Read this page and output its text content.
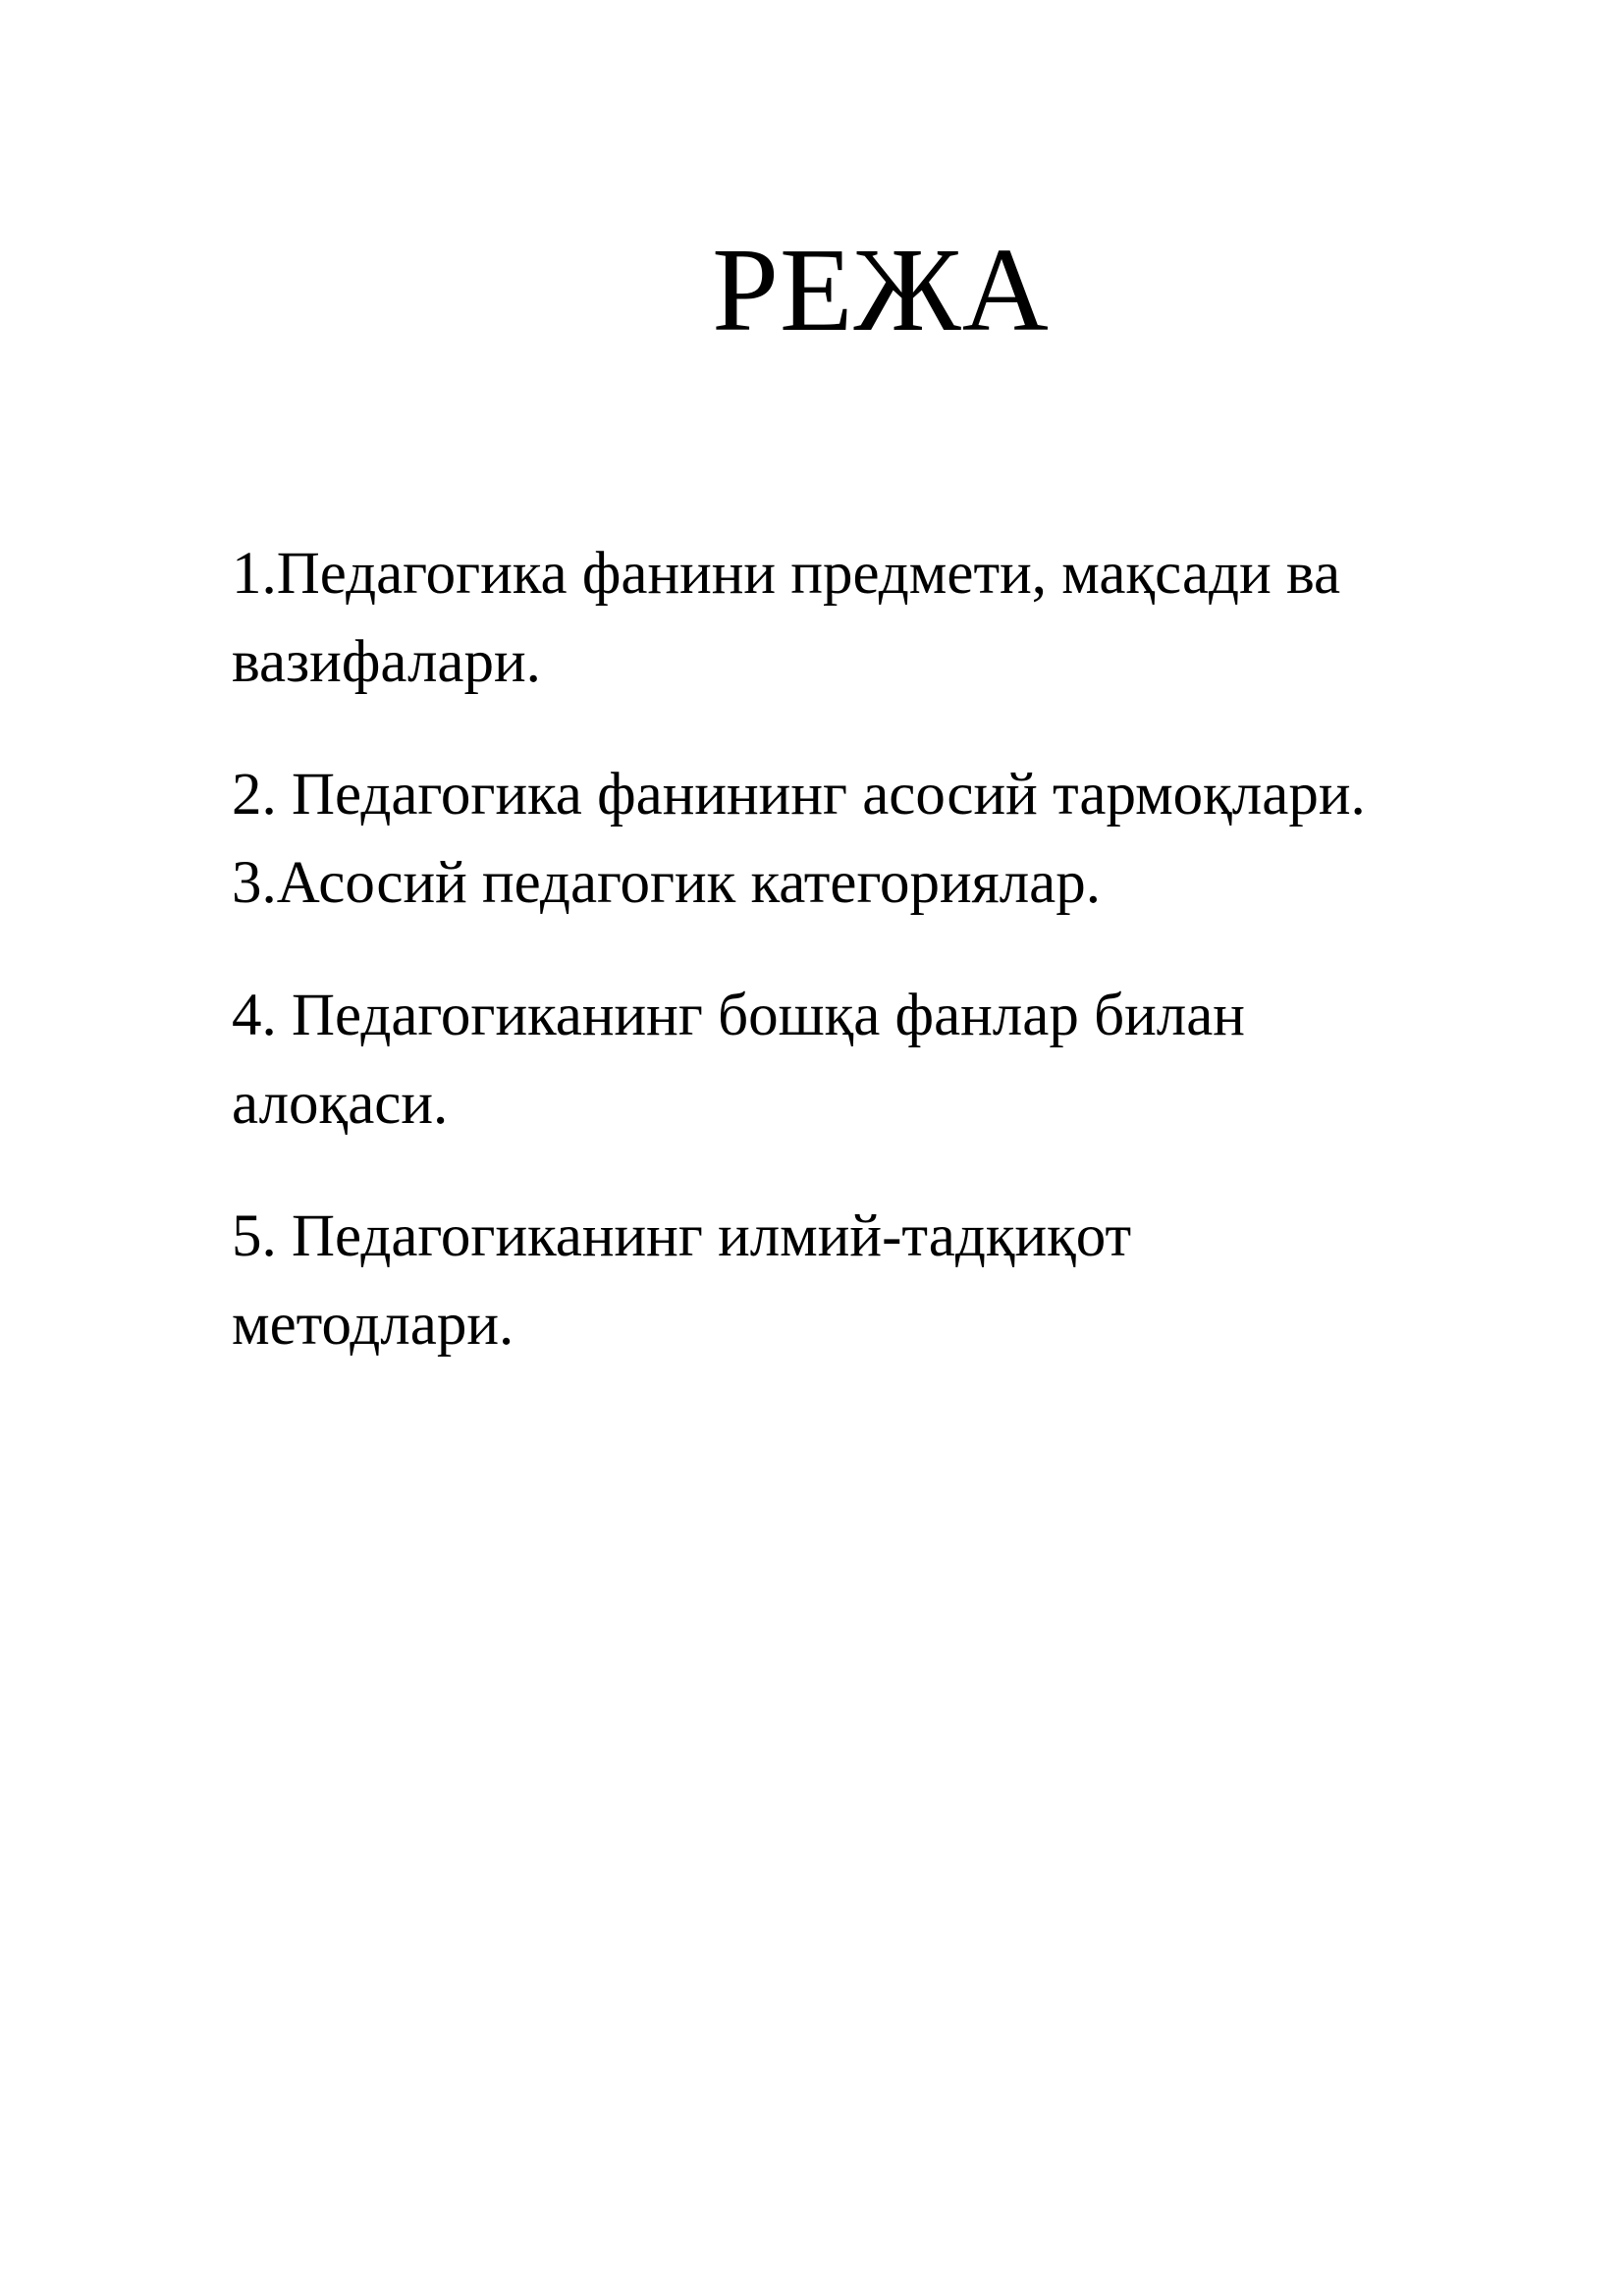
РЕЖА
1.Педагогика фанини предмети, мақсади ва
вазифалари.
2. Педагогика фанининг асосий тармоқлари.
3.Асосий педагогик категориялар.
4. Педагогиканинг бошқа фанлар билан
алоқаси.
5. Педагогиканинг илмий-тадқиқот
методлари.
